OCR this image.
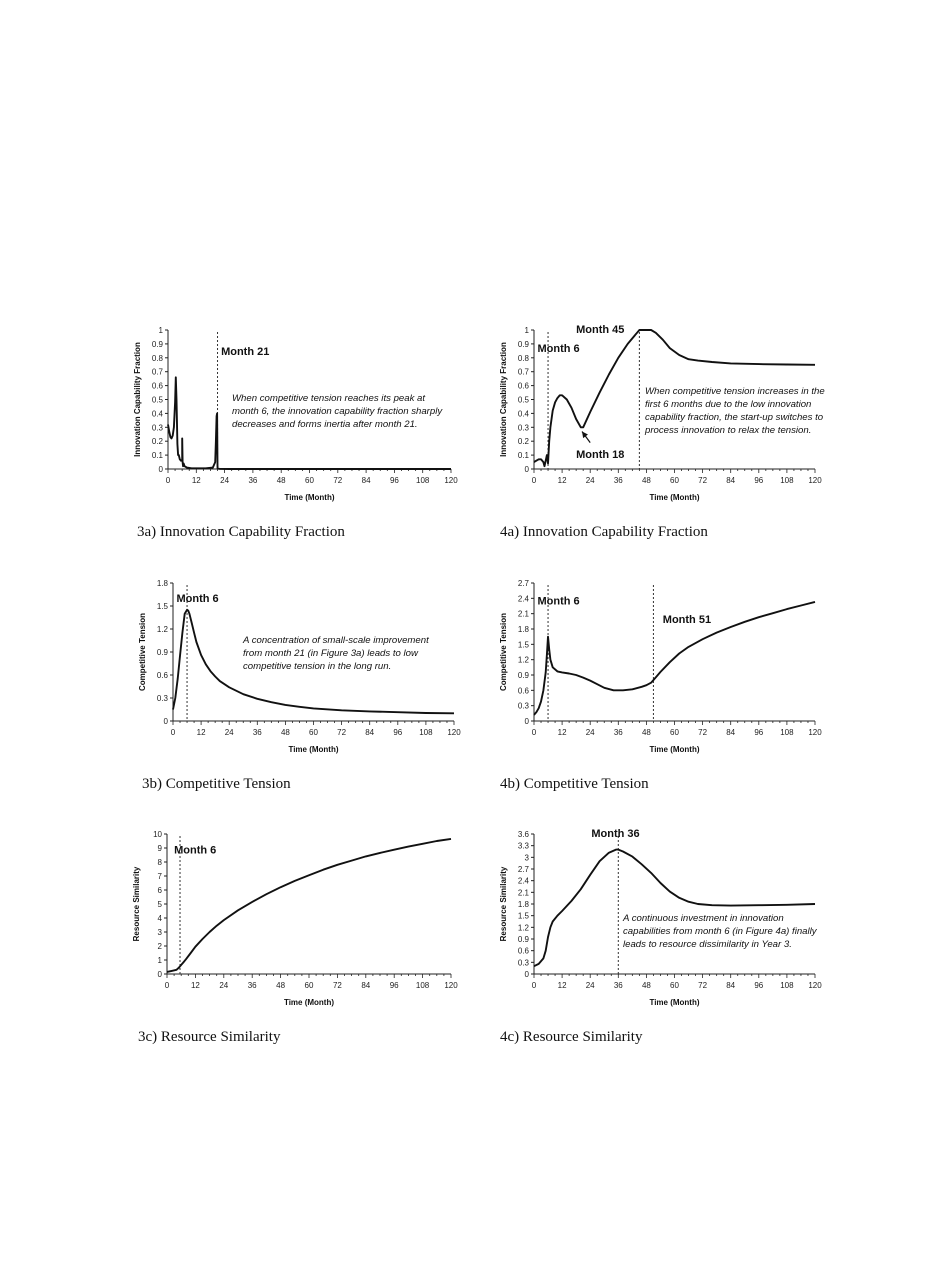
0
0.1
0.2
0.3
0.4
0.5
0.6
0.7
0.8
0.9
1
0	12 24 36 48 60 72 84 96 108 120
Time (Month)
Innovation Capability Fraction	Month 21
When competitive tension reaches its peak at month 6, the innovation capability fraction sharply decreases and forms inertia after month 21.
3a) Innovation Capability Fraction
0
0.1
0.2
0.3
0.4
0.5
0.6
0.7
0.8
0.9
1
0	12 24 36 48 60 72 84 96 108 120
Time (Month)
Innovation Capability Fraction	Month 6
Month 45
Month 18
When competitive tension increases in the first 6 months due to the low innovation capability fraction, the start-up switches to process innovation to relax the tension.
4a) Innovation Capability Fraction
0
0.3
0.6
0.9
1.2
1.5
1.8
0	12 24 36 48 60 72 84 96 108 120
Time (Month)
Competitive Tension
Month 6
A concentration of small-scale improvement from month 21 (in Figure 3a) leads to low competitive tension in the long run.
3b) Competitive Tension
0
0.3
0.6
0.9
1.2
1.5
1.8
2.1
2.4
2.7
0	12 24 36 48 60 72 84 96 108 120
Time (Month)
Competitive Tension
Month 6
Month 51
4b) Competitive Tension
0
1
2
3
4
5
6
7
8
9
10
0	12 24 36 48 60 72 84 96 108 120
Time (Month)
Resource Similarity
Month 6
3c) Resource Similarity
0
0.3
0.6
0.9
1.2
1.5
1.8
2.1
2.4
2.7
3
3.3
3.6
0	12 24 36 48 60 72 84 96 108 120
Time (Month)
Resource Similarity
Month 36
A continuous investment in innovation capabilities from month 6 (in Figure 4a) finally leads to resource dissimilarity in Year 3.
4c) Resource Similarity
